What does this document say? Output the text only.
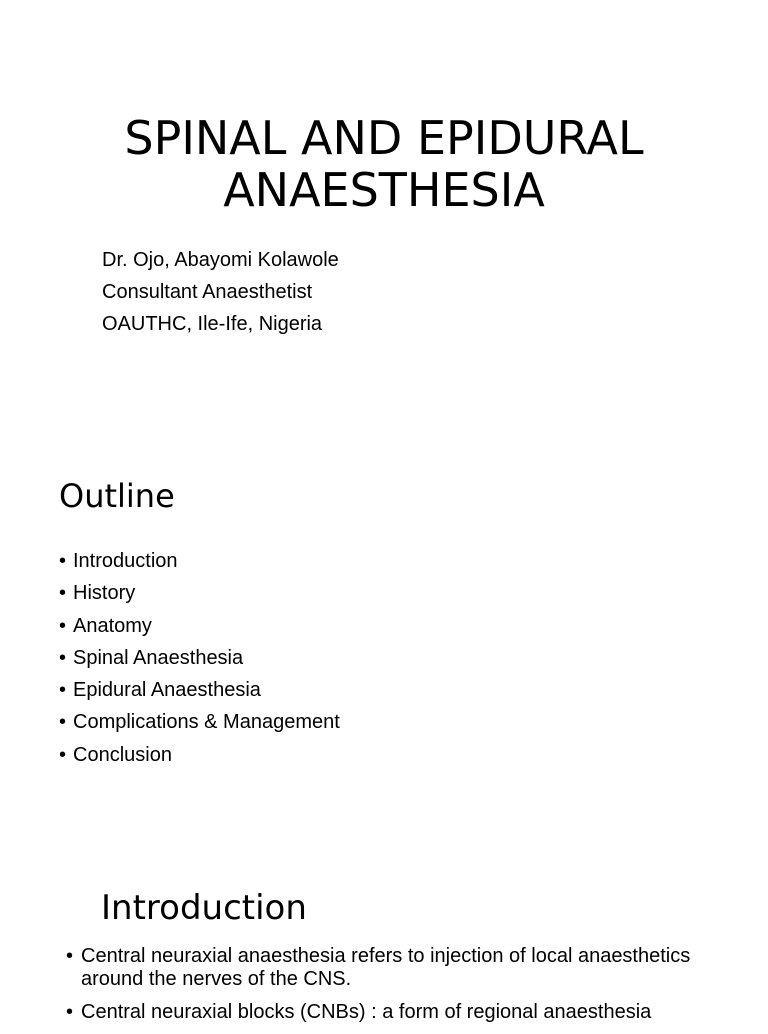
SPINAL AND EPIDURAL
ANAESTHESIA
Dr. Ojo, Abayomi Kolawole
Consultant Anaesthetist
OAUTHC, Ile-Ife, Nigeria
Outline
• Introduction
• History
• Anatomy
• Spinal Anaesthesia
• Epidural Anaesthesia
• Complications & Management
• Conclusion
Introduction
• Central neuraxial anaesthesia refers to injection of local anaesthetics around the nerves of the CNS.
• Central neuraxial blocks (CNBs) : a form of regional anaesthesia
